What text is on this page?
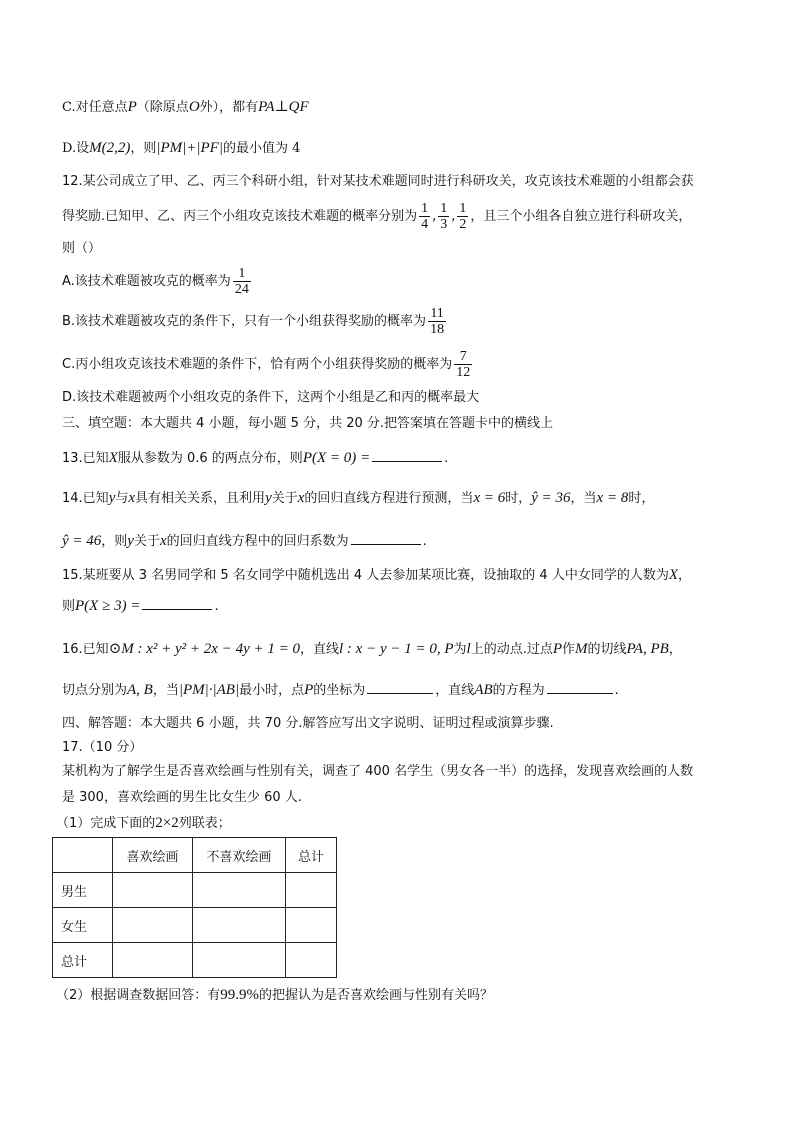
C.对任意点P（除原点O外），都有PA⊥QF
D.设M(2,2)，则|PM|+|PF|的最小值为 4
12.某公司成立了甲、乙、丙三个科研小组，针对某技术难题同时进行科研攻关，攻克该技术难题的小组都会获
得奖励.已知甲、乙、丙三个小组攻克该技术难题的概率分别为 $\frac{1}{4}$ , $\frac{1}{3}$ , $\frac{1}{2}$ ，且三个小组各自独立进行科研攻关，
则（）
A.该技术难题被攻克的概率为 $\frac{1}{24}$
B.该技术难题被攻克的条件下，只有一个小组获得奖励的概率为 $\frac{11}{18}$
C.丙小组攻克该技术难题的条件下，恰有两个小组获得奖励的概率为 $\frac{7}{12}$
D.该技术难题被两个小组攻克的条件下，这两个小组是乙和丙的概率最大
三、填空题：本大题共 4 小题，每小题 5 分，共 20 分.把答案填在答题卡中的横线上
13.已知X服从参数为 0.6 的两点分布，则P(X = 0) =	.
14.已知y与x具有相关关系，且利用y关于x的回归直线方程进行预测，当x = 6时，ŷ = 36，当x = 8时，
ŷ = 46，则y关于x的回归直线方程中的回归系数为	.
15.某班要从 3 名男同学和 5 名女同学中随机选出 4 人去参加某项比赛，设抽取的 4 人中女同学的人数为X，
则P(X ≥ 3) =	.
16.已知⊙M : x² + y² + 2x − 4y + 1 = 0，直线l : x − y − 1 = 0, P为l上的动点.过点P作M的切线PA, PB，
切点分别为A, B，当|PM|·|AB|最小时，点P的坐标为	，直线AB的方程为	.
四、解答题：本大题共 6 小题，共 70 分.解答应写出文字说明、证明过程或演算步骤.
17.（10 分）
某机构为了解学生是否喜欢绘画与性别有关，调查了 400 名学生（男女各一半）的选择，发现喜欢绘画的人数
是 300，喜欢绘画的男生比女生少 60 人.
（1）完成下面的2×2列联表；
	喜欢绘画	不喜欢绘画	总计
男生			
女生			
总计			
（2）根据调查数据回答：有99.9%的把握认为是否喜欢绘画与性别有关吗？
